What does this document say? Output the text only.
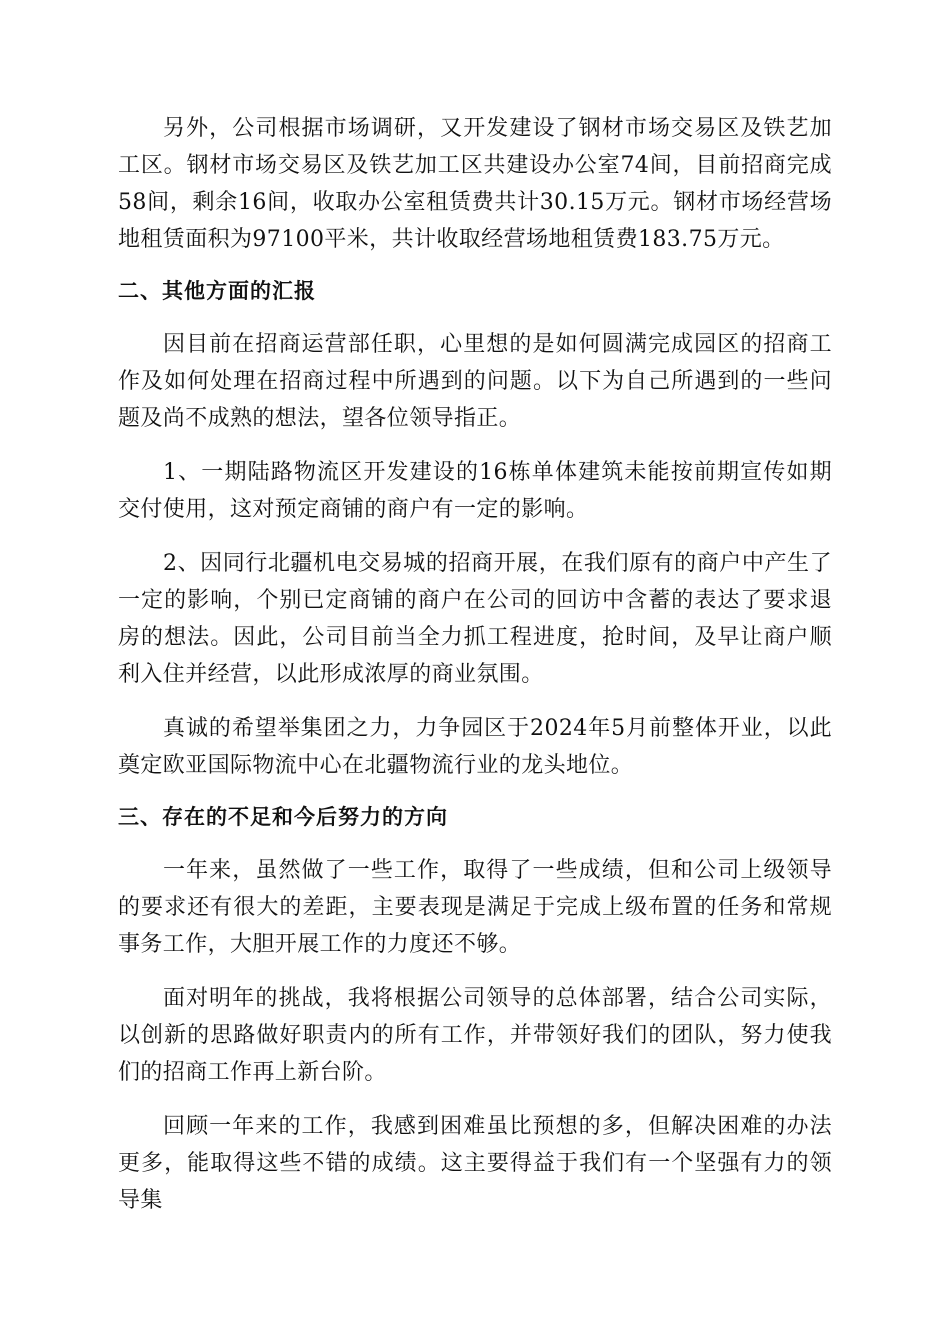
另外，公司根据市场调研，又开发建设了钢材市场交易区及铁艺加工区。钢材市场交易区及铁艺加工区共建设办公室74间，目前招商完成58间，剩余16间，收取办公室租赁费共计30.15万元。钢材市场经营场地租赁面积为97100平米，共计收取经营场地租赁费183.75万元。

二、其他方面的汇报

因目前在招商运营部任职，心里想的是如何圆满完成园区的招商工作及如何处理在招商过程中所遇到的问题。以下为自己所遇到的一些问题及尚不成熟的想法，望各位领导指正。

1、一期陆路物流区开发建设的16栋单体建筑未能按前期宣传如期交付使用，这对预定商铺的商户有一定的影响。

2、因同行北疆机电交易城的招商开展，在我们原有的商户中产生了一定的影响，个别已定商铺的商户在公司的回访中含蓄的表达了要求退房的想法。因此，公司目前当全力抓工程进度，抢时间，及早让商户顺利入住并经营，以此形成浓厚的商业氛围。

真诚的希望举集团之力，力争园区于2024年5月前整体开业，以此奠定欧亚国际物流中心在北疆物流行业的龙头地位。

三、存在的不足和今后努力的方向

一年来，虽然做了一些工作，取得了一些成绩，但和公司上级领导的要求还有很大的差距，主要表现是满足于完成上级布置的任务和常规事务工作，大胆开展工作的力度还不够。

面对明年的挑战，我将根据公司领导的总体部署，结合公司实际，以创新的思路做好职责内的所有工作，并带领好我们的团队，努力使我们的招商工作再上新台阶。

回顾一年来的工作，我感到困难虽比预想的多，但解决困难的办法更多，能取得这些不错的成绩。这主要得益于我们有一个坚强有力的领导集
